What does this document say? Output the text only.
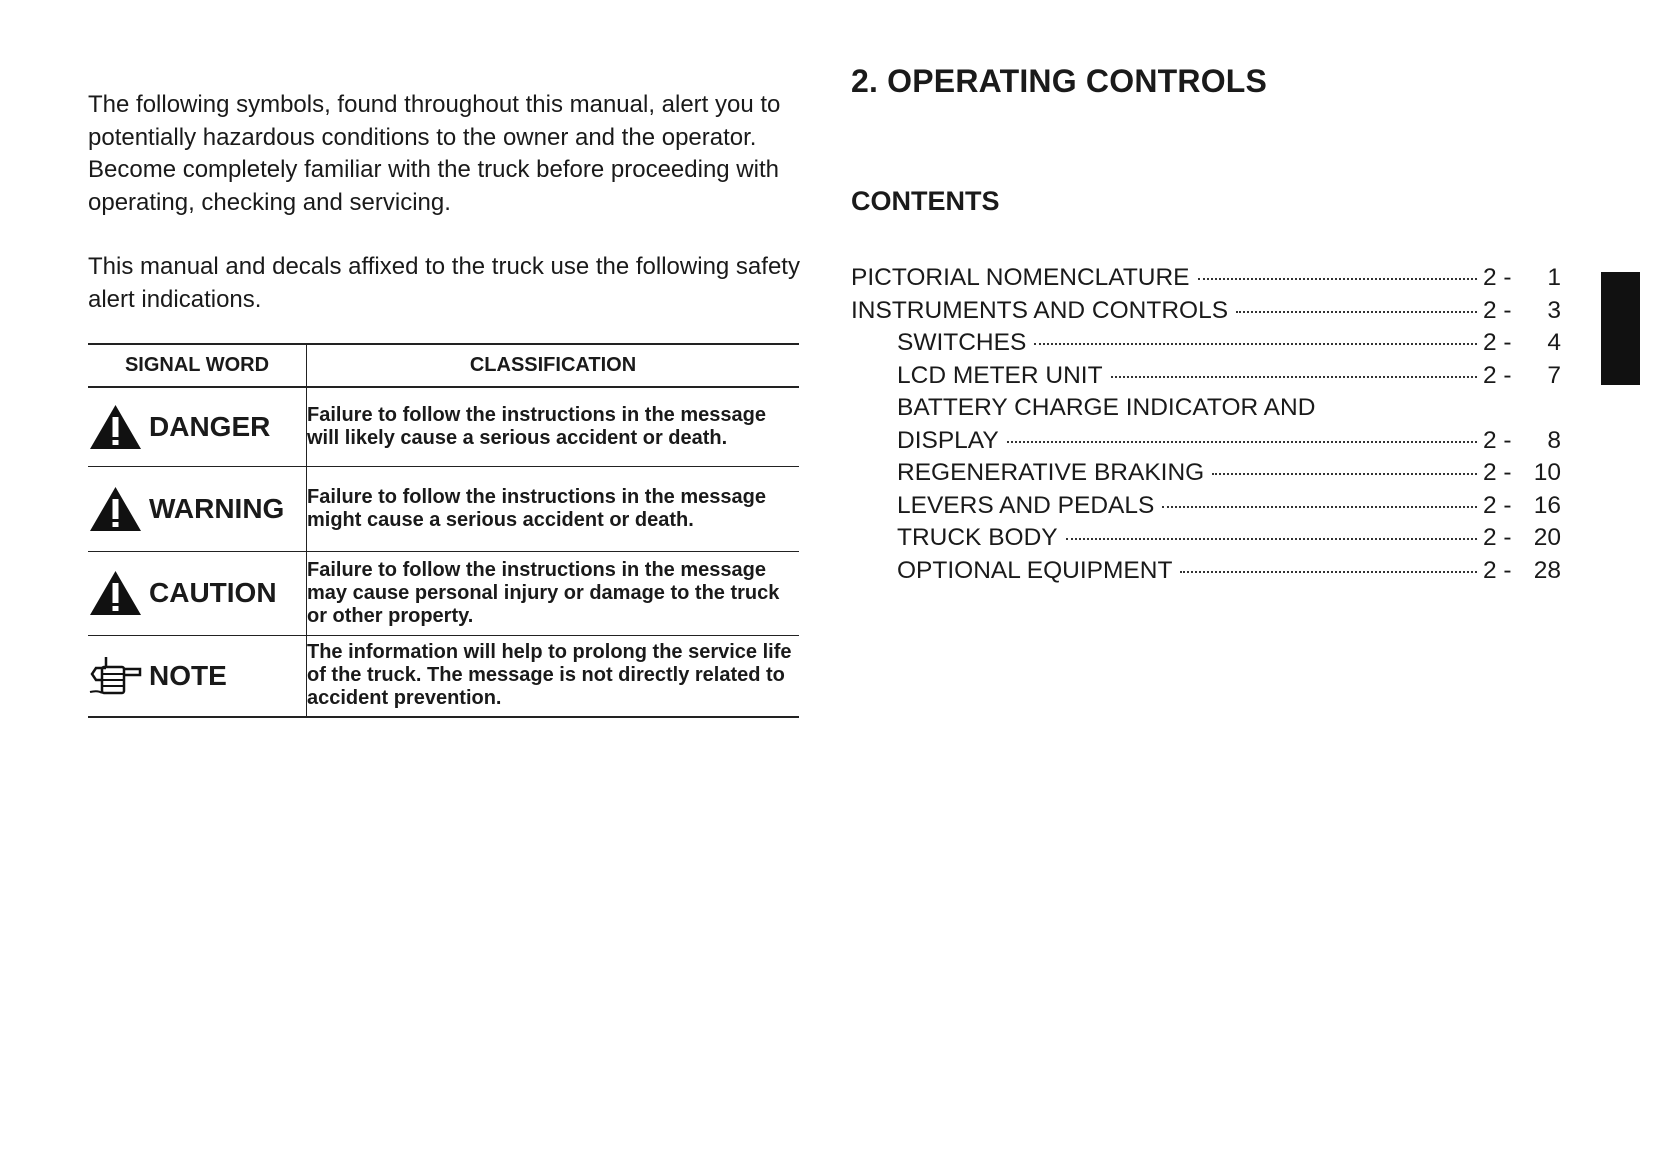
The following symbols, found throughout this manual, alert you to potentially hazardous conditions to the owner and the operator. Become completely familiar with the truck before proceeding with operating, checking and servicing.

This manual and decals affixed to the truck use the following safety alert indications.

SIGNAL WORD	CLASSIFICATION

DANGER	Failure to follow the instructions in the message will likely cause a serious accident or death.

WARNING	Failure to follow the instructions in the message might cause a serious accident or death.

CAUTION	Failure to follow the instructions in the message may cause personal injury or damage to the truck or other property.

NOTE	The information will help to prolong the service life of the truck. The message is not directly related to accident prevention.
2. OPERATING CONTROLS
CONTENTS
PICTORIAL NOMENCLATURE	2 - 1
INSTRUMENTS AND CONTROLS	2 - 3
SWITCHES	2 - 4
LCD METER UNIT	2 - 7
BATTERY CHARGE INDICATOR AND
DISPLAY	2 - 8
REGENERATIVE BRAKING	2 - 10
LEVERS AND PEDALS	2 - 16
TRUCK BODY	2 - 20
OPTIONAL EQUIPMENT	2 - 28
